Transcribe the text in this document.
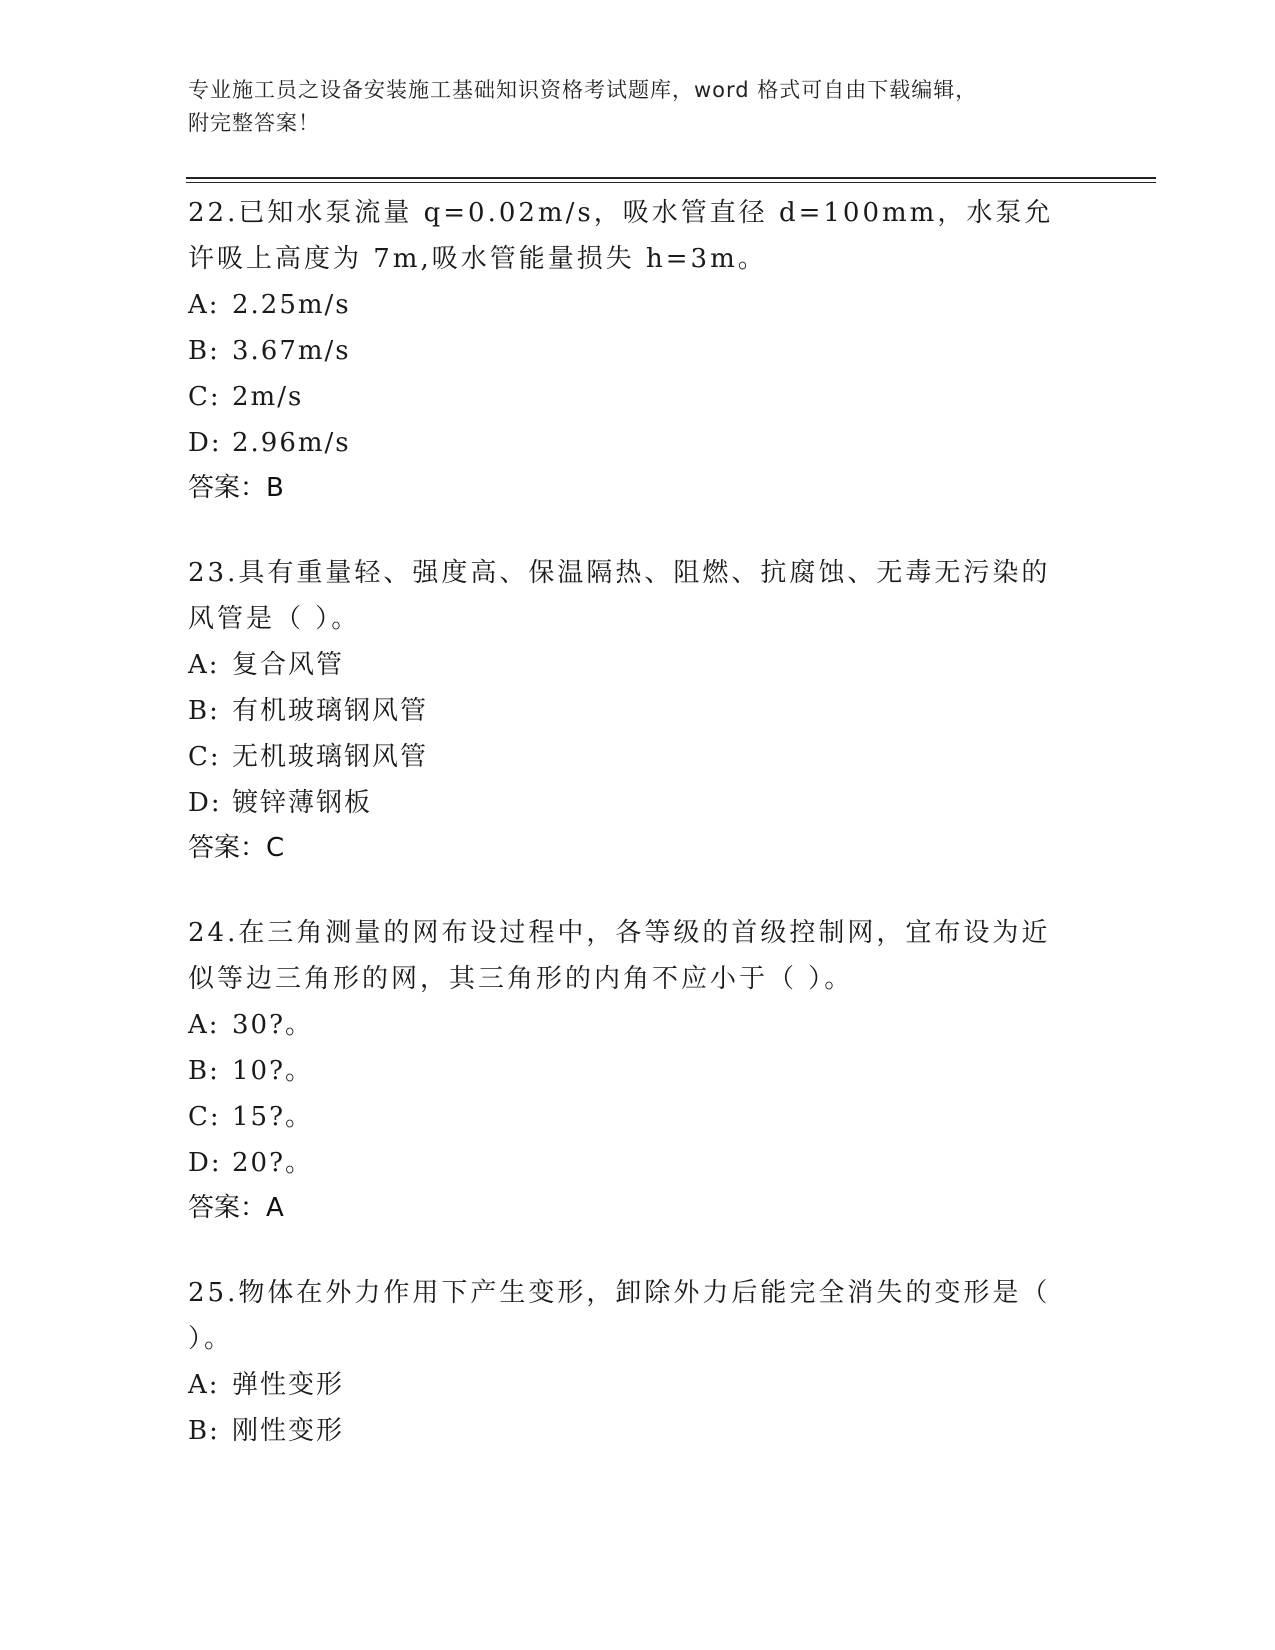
专业施工员之设备安装施工基础知识资格考试题库，word 格式可自由下载编辑，
附完整答案！

22.已知水泵流量 q=0.02m/s，吸水管直径 d=100mm，水泵允许吸上高度为 7m,吸水管能量损失 h=3m。

A: 2.25m/s

B: 3.67m/s

C: 2m/s

D: 2.96m/s

答案：B

23.具有重量轻、强度高、保温隔热、阻燃、抗腐蚀、无毒无污染的风管是（ ）。

A: 复合风管

B: 有机玻璃钢风管

C: 无机玻璃钢风管

D: 镀锌薄钢板

答案：C

24.在三角测量的网布设过程中，各等级的首级控制网，宜布设为近似等边三角形的网，其三角形的内角不应小于（ ）。

A: 30?。

B: 10?。

C: 15?。

D: 20?。

答案：A

25.物体在外力作用下产生变形，卸除外力后能完全消失的变形是（ ）。

A: 弹性变形

B: 刚性变形
